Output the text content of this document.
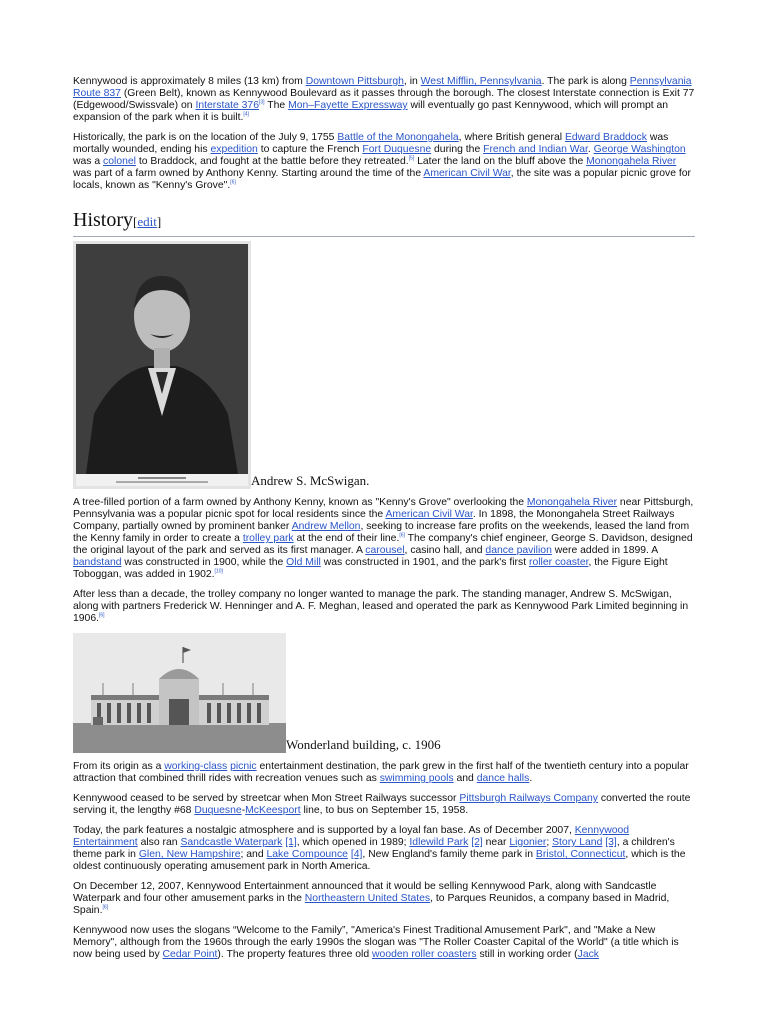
Kennywood is approximately 8 miles (13 km) from Downtown Pittsburgh, in West Mifflin, Pennsylvania. The park is along Pennsylvania Route 837 (Green Belt), known as Kennywood Boulevard as it passes through the borough. The closest Interstate connection is Exit 77 (Edgewood/Swissvale) on Interstate 376[3] The Mon–Fayette Expressway will eventually go past Kennywood, which will prompt an expansion of the park when it is built.[4]

Historically, the park is on the location of the July 9, 1755 Battle of the Monongahela, where British general Edward Braddock was mortally wounded, ending his expedition to capture the French Fort Duquesne during the French and Indian War. George Washington was a colonel to Braddock, and fought at the battle before they retreated.[5] Later the land on the bluff above the Monongahela River was part of a farm owned by Anthony Kenny. Starting around the time of the American Civil War, the site was a popular picnic grove for locals, known as "Kenny's Grove".[6]

History[edit]
Andrew S. McSwigan.

A tree-filled portion of a farm owned by Anthony Kenny, known as "Kenny's Grove" overlooking the Monongahela River near Pittsburgh, Pennsylvania was a popular picnic spot for local residents since the American Civil War. In 1898, the Monongahela Street Railways Company, partially owned by prominent banker Andrew Mellon, seeking to increase fare profits on the weekends, leased the land from the Kenny family in order to create a trolley park at the end of their line.[6] The company's chief engineer, George S. Davidson, designed the original layout of the park and served as its first manager. A carousel, casino hall, and dance pavilion were added in 1899. A bandstand was constructed in 1900, while the Old Mill was constructed in 1901, and the park's first roller coaster, the Figure Eight Toboggan, was added in 1902.[10]

After less than a decade, the trolley company no longer wanted to manage the park. The standing manager, Andrew S. McSwigan, along with partners Frederick W. Henninger and A. F. Meghan, leased and operated the park as Kennywood Park Limited beginning in 1906.[6]

Wonderland building, c. 1906

From its origin as a working-class picnic entertainment destination, the park grew in the first half of the twentieth century into a popular attraction that combined thrill rides with recreation venues such as swimming pools and dance halls.

Kennywood ceased to be served by streetcar when Mon Street Railways successor Pittsburgh Railways Company converted the route serving it, the lengthy #68 Duquesne-McKeesport line, to bus on September 15, 1958.

Today, the park features a nostalgic atmosphere and is supported by a loyal fan base. As of December 2007, Kennywood Entertainment also ran Sandcastle Waterpark [1], which opened in 1989; Idlewild Park [2] near Ligonier; Story Land [3], a children's theme park in Glen, New Hampshire; and Lake Compounce [4], New England's family theme park in Bristol, Connecticut, which is the oldest continuously operating amusement park in North America.

On December 12, 2007, Kennywood Entertainment announced that it would be selling Kennywood Park, along with Sandcastle Waterpark and four other amusement parks in the Northeastern United States, to Parques Reunidos, a company based in Madrid, Spain.[6]

Kennywood now uses the slogans “Welcome to the Family”, "America's Finest Traditional Amusement Park", and "Make a New Memory", although from the 1960s through the early 1990s the slogan was "The Roller Coaster Capital of the World" (a title which is now being used by Cedar Point). The property features three old wooden roller coasters still in working order (Jack
